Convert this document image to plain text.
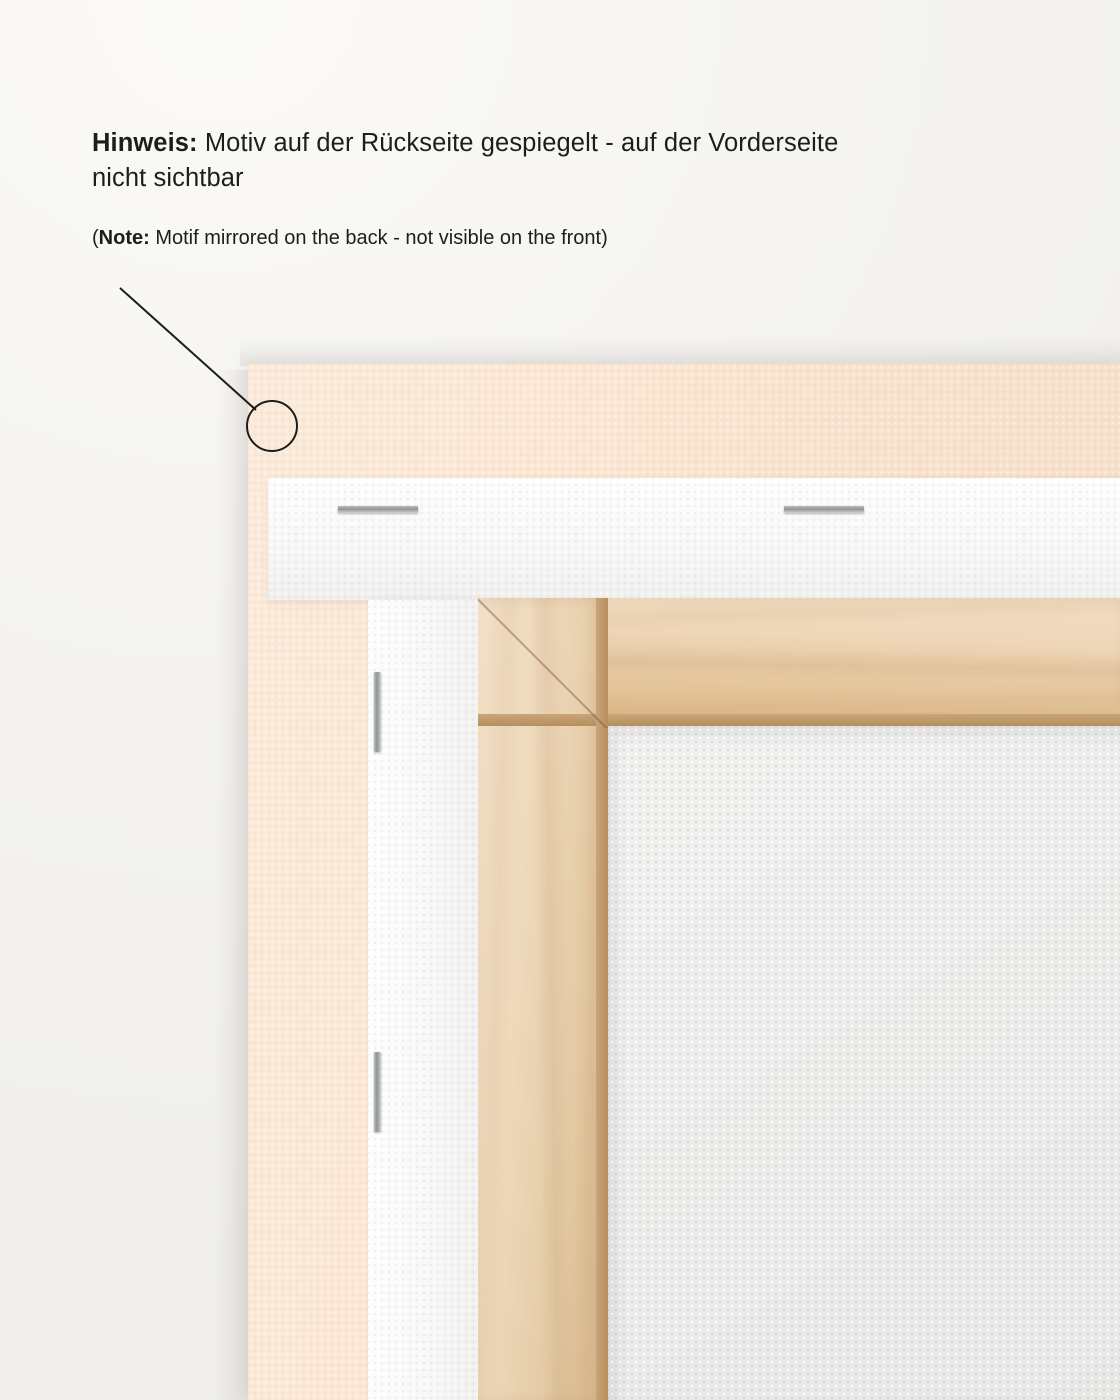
Hinweis: Motiv auf der Rückseite gespiegelt - auf der Vorderseite nicht sichtbar
(Note: Motif mirrored on the back - not visible on the front)
